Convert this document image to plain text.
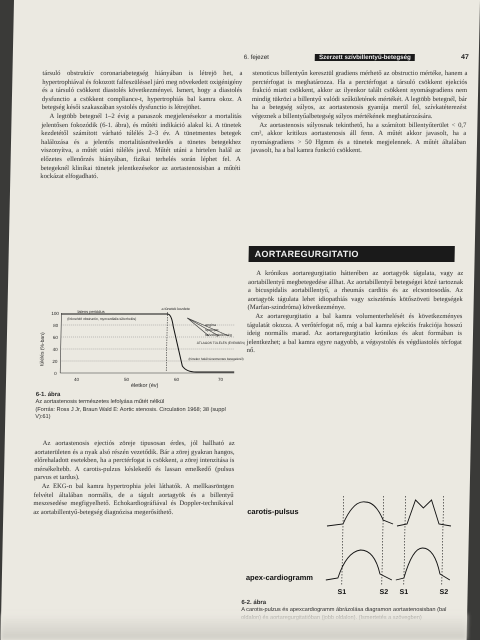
6. fejezet	Szerzett szívbillentyű-betegség	47

társuló obstruktív coronariabetegség hiányában is létrejö het, a hypertrophiával és fokozott falfeszüléssel járó meg növekedett oxigénigény és a társuló csökkent diastolés következményei. Ismert, hogy a diastolés dysfunctio a csökkent compliance-t, hypertrophiás bal kamra okoz. A betegség késői szakaszában systolés dysfunctio is létrejöhet.

A legtöbb betegnél 1–2 évig a panaszok megjelenésekor a mortalitás jelentősen fokozódik (6-1. ábra), és műtéti indikáció alakul ki. A tünetek kezdetétől számított várható túlélés 2–3 év. A tünetmentes betegek halálozása és a jelentős mortalitásnövekedés a tünetes betegekhez viszonyítva, a műtét utáni túlélés javul. Műtét utáni a hirtelen halál az előzetes ellenőrzés hiányában, fizikai terhelés során léphet fel. A betegeknél klinikai tünetek jelentkezésekor az aortastenosisban a műtéti kockázat elfogadható.

stenoticus billentyűn keresztül gradiens mérhető az obstructio mértéke, hanem a perctérfogat is meghatározza. Ha a perctérfogat a társuló csökkent ejekciós frakció miatt csökkent, akkor az ilyenkor talált csökkent nyomásgradiens nem mindig tükrözi a billentyű valódi szűkületének mértékét. A legtöbb betegnél, bár ha a betegség súlyos, az aortastenosis gyanúja merül fel, szívkatéterezést végeznek a billentyűalbetegség súlyos mértékének meghatározására.

Az aortastenosis súlyosnak tekinthető, ha a számított billentyűterület < 0,7 cm², akkor kritikus aortastenosis áll fenn. A műtét akkor javasolt, ha a nyomásgradiens > 50 Hgmm és a tünetek megjelennek. A műtét általában javasolt, ha a bal kamra funkció csökkent.

AORTAREGURGITATIO

A krónikus aortaregurgitatio hátterében az aortagyök tágulata, vagy az aortabillentyű megbetegedése állhat. Az aortabillentyű betegségei közé tartoznak a bicuspidalis aortabillentyű, a rheumás carditis és az elcsontosodás. Az aortagyök tágulata lehet idiopathiás vagy szisztémás kötőszöveti betegségek (Marfan-szindróma) következménye.

Az aortaregurgitatio a bal kamra volumenterhelését és következményes tágulatát okozza. A verőtérfogat nő, míg a bal kamra ejekciós frakciója hosszú ideig normális marad. Az aortaregurgitatio krónikus és akut formában is jelentkezhet; a bal kamra egyre nagyobb, a végsystolés és végdiastolés térfogat nő.

túlélés (%-ban)
életkor (év)
100
80
60
40
20
0
40	50	60	70
latens periódus
(fokozódó obstructio, myocardialis túlterhelés)
a tünetek kezdete
angina
syncope
szívelégtelenség
ÁTLAGOS TÚLÉLÉS (ÉVEKBEN)
(hirtelen halál tünetmentes betegeknél)
6-1. ábra
Az aortastenosis természetes lefolyása műtét nélkül
(Forrás: Ross J Jr, Braun Wald E: Aortic stenosis. Circulation 1968; 38 (suppl V):61)

Az aortastenosis ejectiós zöreje tipusosan érdes, jól hallható az aortaterületen és a nyak alsó részén vezetődik. Bár a zörej gyakran hangos, előrehaladott esetekben, ha a perctérfogat is csökkent, a zörej intenzitása is mérsékeltebb. A carotis-pulzus késlekedő és lassan emelkedő (pulsus parvus et tardus).

Az EKG-n bal kamra hypertrophia jelei láthatók. A mellkasröntgen felvétel általában normális, de a tágult aortagyök és a billentyű meszesedése megfigyelhető. Echokardiográfiával és Doppler-technikával az aortabillentyű-betegség diagnózisa megerősíthető.	carotis-pulsus
apex-cardiogramm
S1	S2 S1	S2
6-2. ábra
A carotis-pulzus és apexcardiogramm ábrázolása diagramon aortastenosisban (bal
